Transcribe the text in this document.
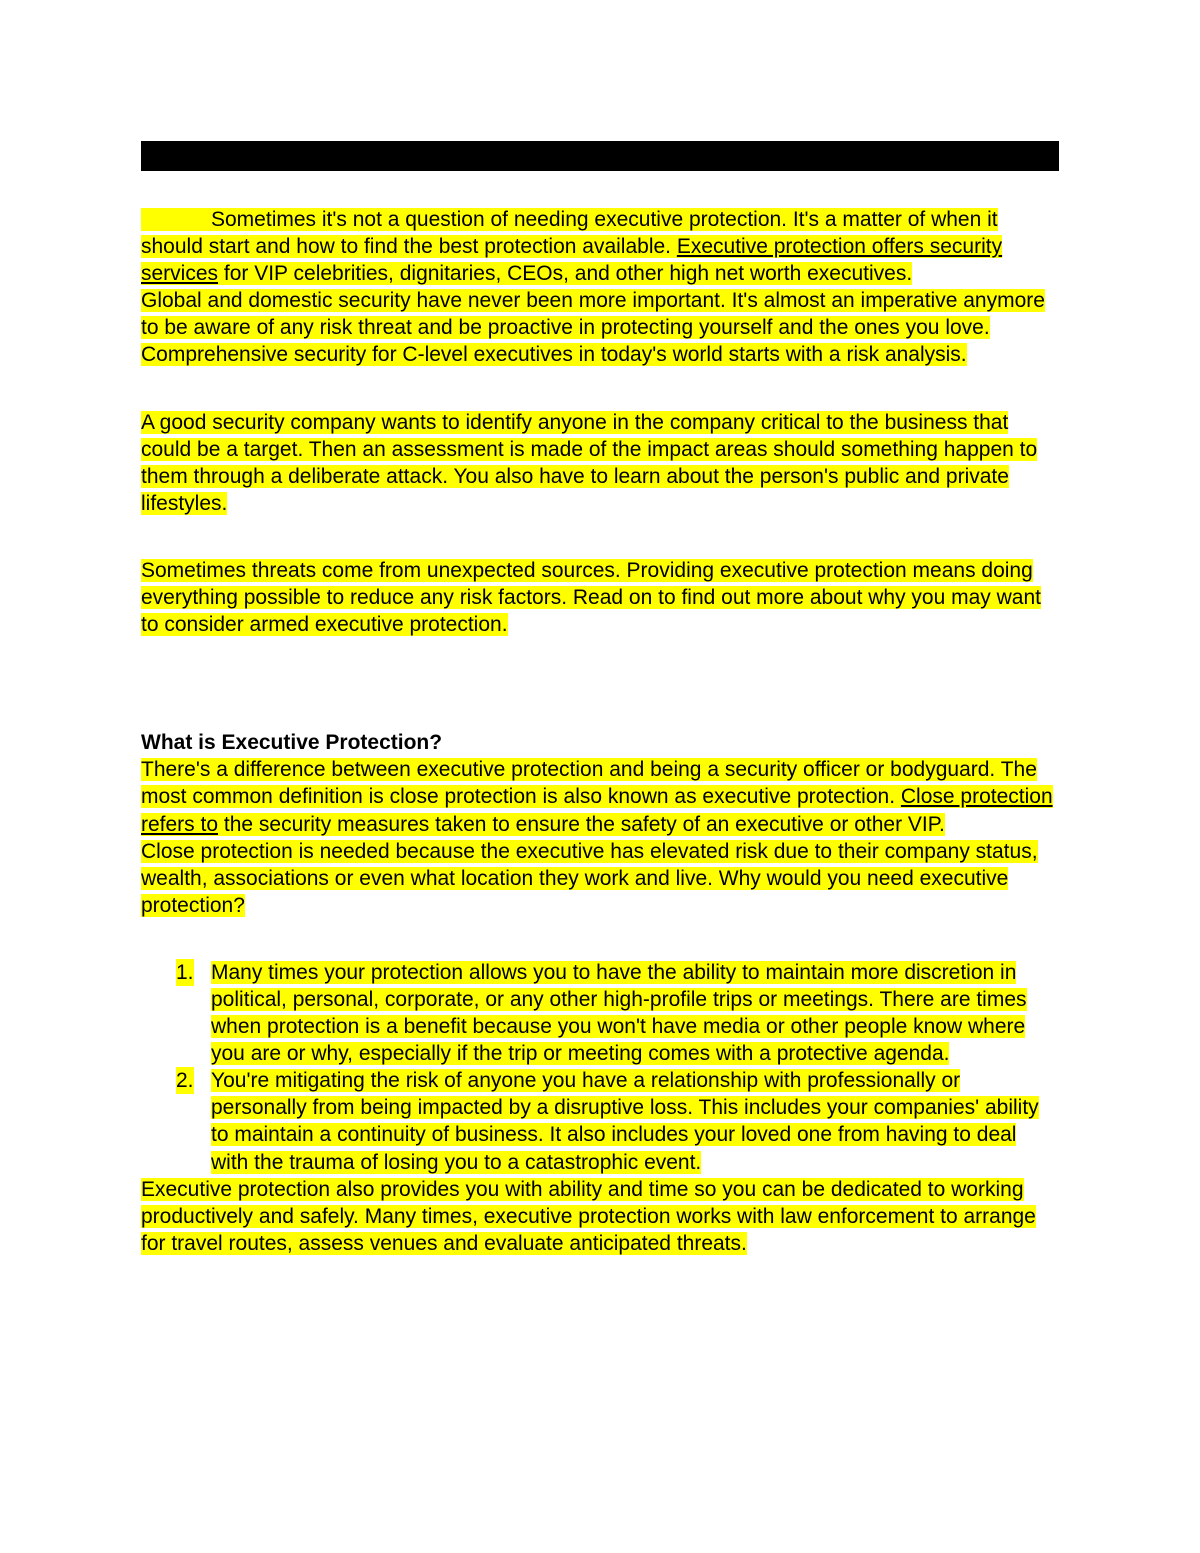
Sometimes it's not a question of needing executive protection. It's a matter of when it should start and how to find the best protection available. Executive protection offers security services for VIP celebrities, dignitaries, CEOs, and other high net worth executives.

Global and domestic security have never been more important. It's almost an imperative anymore to be aware of any risk threat and be proactive in protecting yourself and the ones you love. Comprehensive security for C-level executives in today's world starts with a risk analysis.

A good security company wants to identify anyone in the company critical to the business that could be a target. Then an assessment is made of the impact areas should something happen to them through a deliberate attack. You also have to learn about the person's public and private lifestyles.

Sometimes threats come from unexpected sources. Providing executive protection means doing everything possible to reduce any risk factors. Read on to find out more about why you may want to consider armed executive protection.

What is Executive Protection?

There's a difference between executive protection and being a security officer or bodyguard. The most common definition is close protection is also known as executive protection. Close protection refers to the security measures taken to ensure the safety of an executive or other VIP.

Close protection is needed because the executive has elevated risk due to their company status, wealth, associations or even what location they work and live. Why would you need executive protection?

1. Many times your protection allows you to have the ability to maintain more discretion in political, personal, corporate, or any other high-profile trips or meetings. There are times when protection is a benefit because you won't have media or other people know where you are or why, especially if the trip or meeting comes with a protective agenda.
2. You're mitigating the risk of anyone you have a relationship with professionally or personally from being impacted by a disruptive loss. This includes your companies' ability to maintain a continuity of business. It also includes your loved one from having to deal with the trauma of losing you to a catastrophic event.

Executive protection also provides you with ability and time so you can be dedicated to working productively and safely. Many times, executive protection works with law enforcement to arrange for travel routes, assess venues and evaluate anticipated threats.
